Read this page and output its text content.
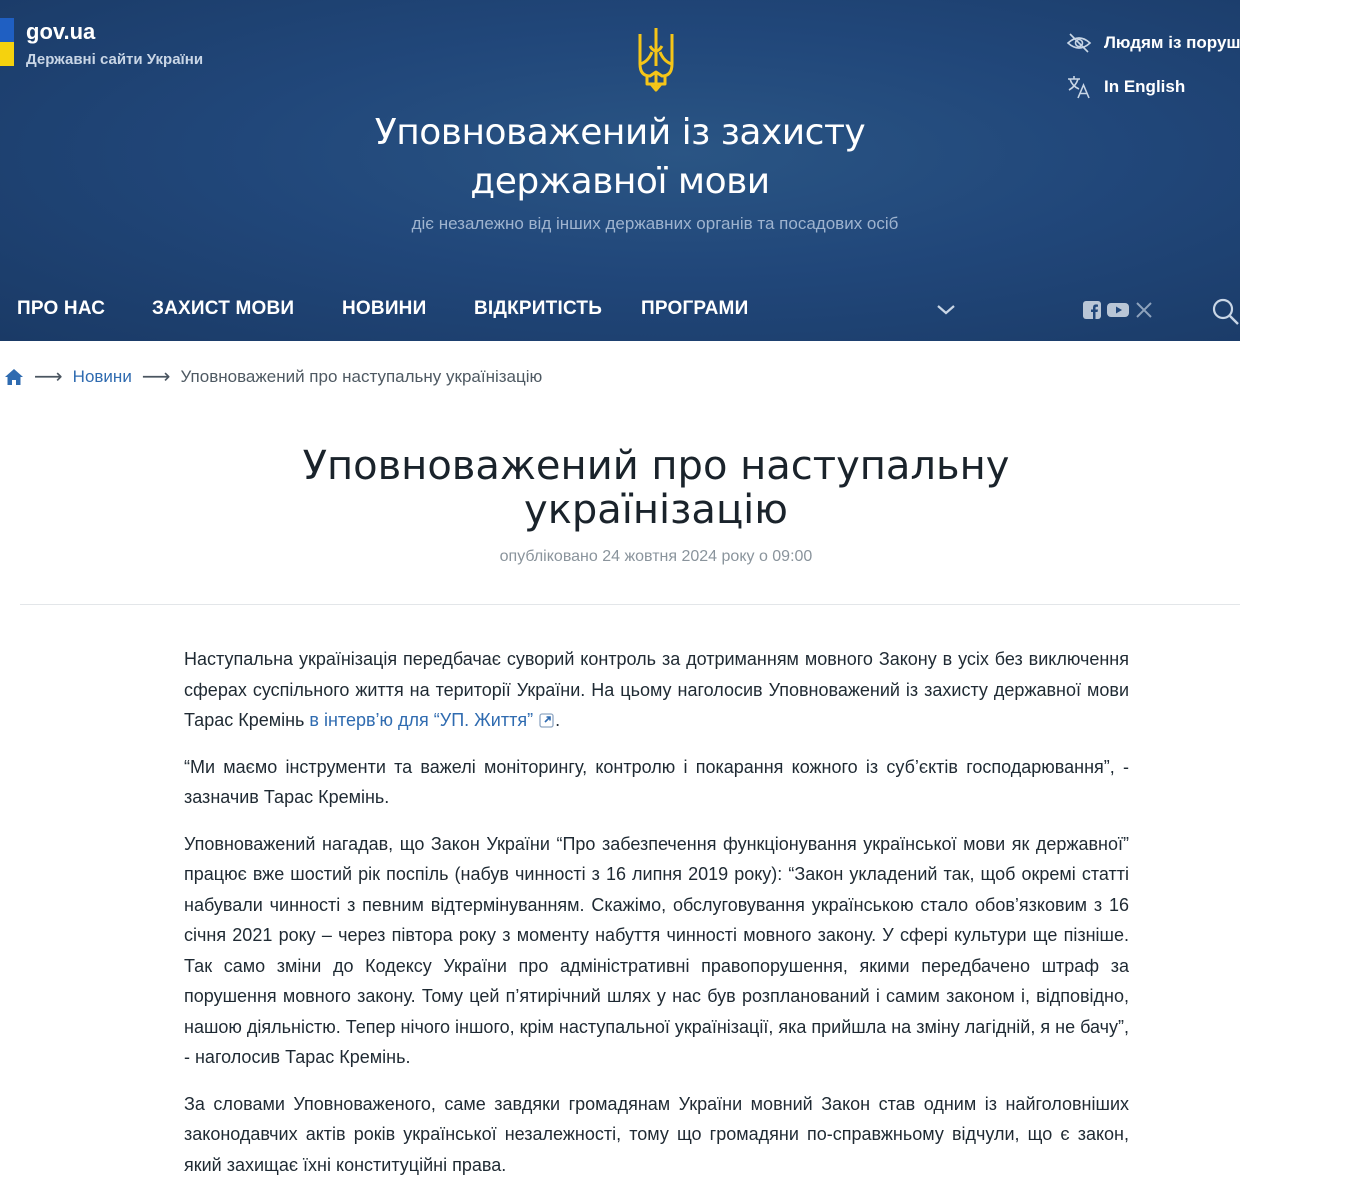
gov.ua
Державні сайти України
Уповноважений із захисту
державної мови
діє незалежно від інших державних органів та посадових осіб
Людям із порушеннями зору
In English
ПРО НАС ЗАХИСТ МОВИ	НОВИНИ	ВІДКРИТІСТЬ ПРОГРАМИ
⟶ Новини ⟶ Уповноважений про наступальну українізацію
Уповноважений про наступальну
українізацію
опубліковано 24 жовтня 2024 року о 09:00

Наступальна українізація передбачає суворий контроль за дотриманням мовного Закону в усіх без виключення сферах суспільного життя на території України. На цьому наголосив Уповноважений із захисту державної мови Тарас Кремінь в інтерв’ю для “УП. Життя” .

“Ми маємо інструменти та важелі моніторингу, контролю і покарання кожного із суб’єктів господарювання”, - зазначив Тарас Кремінь.

Уповноважений нагадав, що Закон України “Про забезпечення функціонування української мови як державної” працює вже шостий рік поспіль (набув чинності з 16 липня 2019 року): “Закон укладений так, щоб окремі статті набували чинності з певним відтермінуванням. Скажімо, обслуговування українською стало обов’язковим з 16 січня 2021 року – через півтора року з моменту набуття чинності мовного закону. У сфері культури ще пізніше. Так само зміни до Кодексу України про адміністративні правопорушення, якими передбачено штраф за порушення мовного закону. Тому цей п’ятирічний шлях у нас був розпланований і самим законом і, відповідно, нашою діяльністю. Тепер нічого іншого, крім наступальної українізації, яка прийшла на зміну лагідній, я не бачу”, - наголосив Тарас Кремінь.

За словами Уповноваженого, саме завдяки громадянам України мовний Закон став одним із найголовніших законодавчих актів років української незалежності, тому що громадяни по-справжньому відчули, що є закон, який захищає їхні конституційні права.
